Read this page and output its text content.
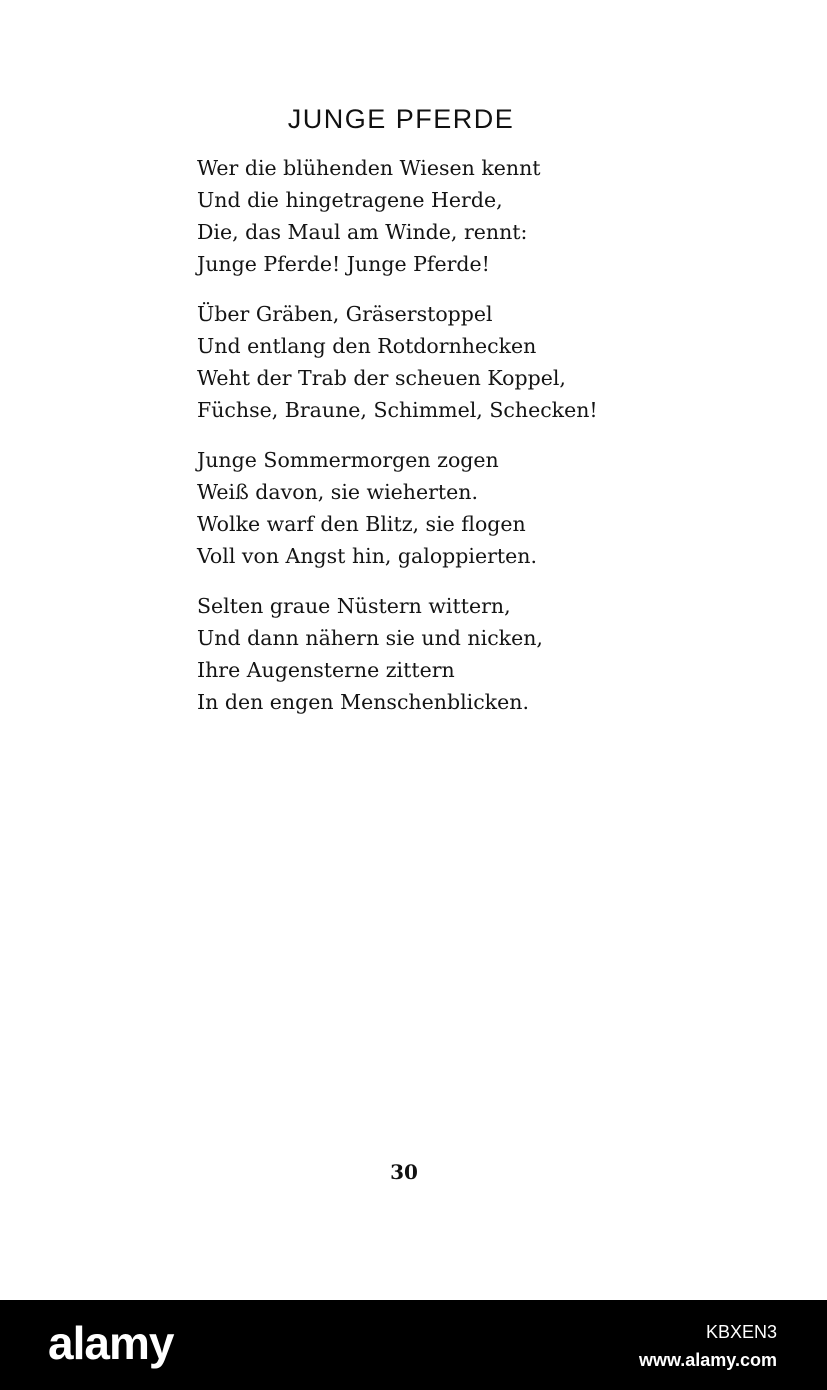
JUNGE PFERDE
Wer die blühenden Wiesen kennt
Und die hingetragene Herde,
Die, das Maul am Winde, rennt:
Junge Pferde! Junge Pferde!
Über Gräben, Gräserstoppel
Und entlang den Rotdornhecken
Weht der Trab der scheuen Koppel,
Füchse, Braune, Schimmel, Schecken!
Junge Sommermorgen zogen
Weiß davon, sie wieherten.
Wolke warf den Blitz, sie flogen
Voll von Angst hin, galoppierten.
Selten graue Nüstern wittern,
Und dann nähern sie und nicken,
Ihre Augensterne zittern
In den engen Menschenblicken.
30
alamy	KBXEN3
www.alamy.com
